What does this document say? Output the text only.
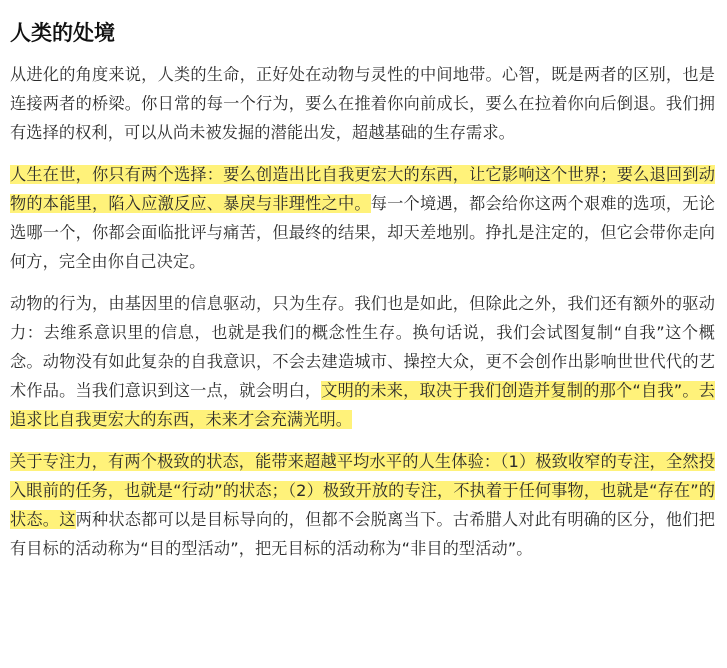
人类的处境

从进化的角度来说，人类的生命，正好处在动物与灵性的中间地带。心智，既是两者的区别，也是连接两者的桥梁。你日常的每一个行为，要么在推着你向前成长，要么在拉着你向后倒退。我们拥有选择的权利，可以从尚未被发掘的潜能出发，超越基础的生存需求。

人生在世，你只有两个选择：要么创造出比自我更宏大的东西，让它影响这个世界；要么退回到动物的本能里，陷入应激反应、暴戾与非理性之中。每一个境遇，都会给你这两个艰难的选项，无论选哪一个，你都会面临批评与痛苦，但最终的结果，却天差地别。挣扎是注定的，但它会带你走向何方，完全由你自己决定。

动物的行为，由基因里的信息驱动，只为生存。我们也是如此，但除此之外，我们还有额外的驱动力：去维系意识里的信息，也就是我们的概念性生存。换句话说，我们会试图复制“自我”这个概念。动物没有如此复杂的自我意识，不会去建造城市、操控大众，更不会创作出影响世世代代的艺术作品。当我们意识到这一点，就会明白，文明的未来，取决于我们创造并复制的那个“自我”。去追求比自我更宏大的东西，未来才会充满光明。

关于专注力，有两个极致的状态，能带来超越平均水平的人生体验：（1）极致收窄的专注，全然投入眼前的任务，也就是“行动”的状态；（2）极致开放的专注，不执着于任何事物，也就是“存在”的状态。这两种状态都可以是目标导向的，但都不会脱离当下。古希腊人对此有明确的区分，他们把有目标的活动称为“目的型活动”，把无目标的活动称为“非目的型活动”。
